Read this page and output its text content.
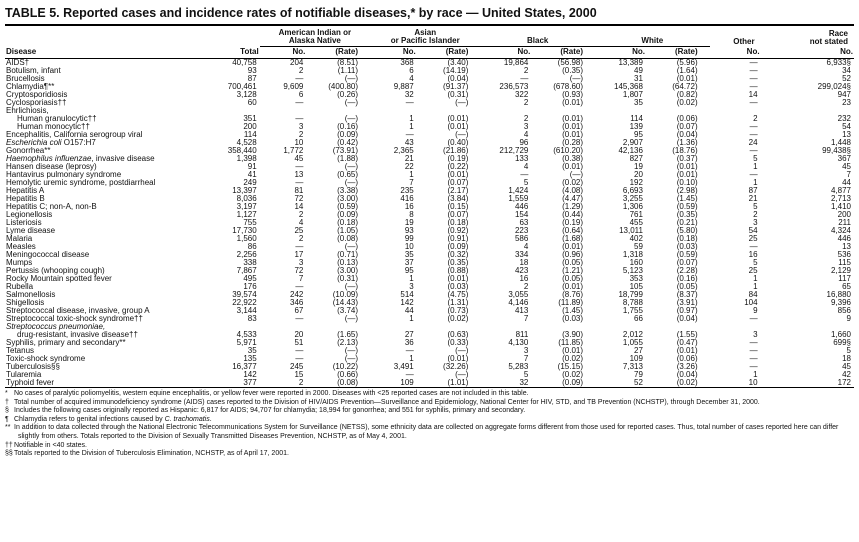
TABLE 5. Reported cases and incidence rates of notifiable diseases,* by race — United States, 2000

		American Indian or
Alaska Native		Asian
or Pacific Islander		Black		White		Other	Race
not stated

Disease	Total	No.	(Rate)	No.	(Rate)	No.	(Rate)	No.	(Rate)	No.	No.
AIDS†	40,758	204	(8.51)	368	(3.40)	19,864	(56.98)	13,389	(5.96)	—	6,933§
Botulism, infant	93	2	(1.11)	6	(14.19)	2	(0.35)	49	(1.64)	—	34
Brucellosis	87	—	(—)	4	(0.04)	—	(—)	31	(0.01)	—	52
Chlamydia¶**	700,461	9,609	(400.80)	9,887	(91.37)	236,573	(678.60)	145,368	(64.72)	—	299,024§
Cryptosporidiosis	3,128	6	(0.26)	32	(0.31)	322	(0.93)	1,807	(0.82)	14	947
Cyclosporiasis††	60	—	(—)	—	(—)	2	(0.01)	35	(0.02)	—	23
Ehrlichiosis,											
Human granulocytic††	351	—	(—)	1	(0.01)	2	(0.01)	114	(0.06)	2	232
Human monocytic††	200	3	(0.16)	1	(0.01)	3	(0.01)	139	(0.07)	—	54
Encephalitis, California serogroup viral	114	2	(0.09)	—	(—)	4	(0.01)	95	(0.04)	—	13
Escherichia coli O157:H7	4,528	10	(0.42)	43	(0.40)	96	(0.28)	2,907	(1.36)	24	1,448
Gonorrhea**	358,440	1,772	(73.91)	2,365	(21.86)	212,729	(610.20)	42,136	(18.76)	—	99,438§
Haemophilus influenzae, invasive disease	1,398	45	(1.88)	21	(0.19)	133	(0.38)	827	(0.37)	5	367
Hansen disease (leprosy)	91	—	(—)	22	(0.22)	4	(0.01)	19	(0.01)	1	45
Hantavirus pulmonary syndrome	41	13	(0.65)	1	(0.01)	—	(—)	20	(0.01)	—	7
Hemolytic uremic syndrome, postdiarrheal	249	—	(—)	7	(0.07)	5	(0.02)	192	(0.10)	1	44
Hepatitis A	13,397	81	(3.38)	235	(2.17)	1,424	(4.08)	6,693	(2.98)	87	4,877
Hepatitis B	8,036	72	(3.00)	416	(3.84)	1,559	(4.47)	3,255	(1.45)	21	2,713
Hepatitis C; non-A, non-B	3,197	14	(0.59)	16	(0.15)	446	(1.29)	1,306	(0.59)	5	1,410
Legionellosis	1,127	2	(0.09)	8	(0.07)	154	(0.44)	761	(0.35)	2	200
Listeriosis	755	4	(0.18)	19	(0.18)	63	(0.19)	455	(0.21)	3	211
Lyme disease	17,730	25	(1.05)	93	(0.92)	223	(0.64)	13,011	(5.80)	54	4,324
Malaria	1,560	2	(0.08)	99	(0.91)	586	(1.68)	402	(0.18)	25	446
Measles	86	—	(—)	10	(0.09)	4	(0.01)	59	(0.03)	—	13
Meningococcal disease	2,256	17	(0.71)	35	(0.32)	334	(0.96)	1,318	(0.59)	16	536
Mumps	338	3	(0.13)	37	(0.35)	18	(0.05)	160	(0.07)	5	115
Pertussis (whooping cough)	7,867	72	(3.00)	95	(0.88)	423	(1.21)	5,123	(2.28)	25	2,129
Rocky Mountain spotted fever	495	7	(0.31)	1	(0.01)	16	(0.05)	353	(0.16)	1	117
Rubella	176	—	(—)	3	(0.03)	2	(0.01)	105	(0.05)	1	65
Salmonellosis	39,574	242	(10.09)	514	(4.75)	3,055	(8.76)	18,799	(8.37)	84	16,880
Shigellosis	22,922	346	(14.43)	142	(1.31)	4,146	(11.89)	8,788	(3.91)	104	9,396
Streptococcal disease, invasive, group A	3,144	67	(3.74)	44	(0.73)	413	(1.45)	1,755	(0.97)	9	856
Streptococcal toxic-shock syndrome††	83	—	(—)	1	(0.02)	7	(0.03)	66	(0.04)	—	9
Streptococcus pneumoniae,											
drug-resistant, invasive disease††	4,533	20	(1.65)	27	(0.63)	811	(3.90)	2,012	(1.55)	3	1,660
Syphilis, primary and secondary**	5,971	51	(2.13)	36	(0.33)	4,130	(11.85)	1,055	(0.47)	—	699§
Tetanus	35	—	(—)	—	(—)	3	(0.01)	27	(0.01)	—	5
Toxic-shock syndrome	135	—	(—)	1	(0.01)	7	(0.02)	109	(0.06)	—	18
Tuberculosis§§	16,377	245	(10.22)	3,491	(32.26)	5,283	(15.15)	7,313	(3.26)	—	45
Tularemia	142	15	(0.66)	—	(—)	5	(0.02)	79	(0.04)	1	42
Typhoid fever	377	2	(0.08)	109	(1.01)	32	(0.09)	52	(0.02)	10	172

* No cases of paralytic poliomyelitis, western equine encephalitis, or yellow fever were reported in 2000. Diseases with <25 reported cases are not included in this table.

† Total number of acquired immunodeficiency syndrome (AIDS) cases reported to the Division of HIV/AIDS Prevention—Surveillance and Epidemiology, National Center for HIV, STD, and TB Prevention (NCHSTP), through December 31, 2000.

§ Includes the following cases originally reported as Hispanic: 6,817 for AIDS; 94,707 for chlamydia; 18,994 for gonorrhea; and 551 for syphilis, primary and secondary.

¶ Chlamydia refers to genital infections caused by C. trachomatis.

** In addition to data collected through the National Electronic Telecommunications System for Surveillance (NETSS), some ethnicity data are collected on aggregate forms different from those used for reported cases. Thus, total number of cases reported here can differ slightly from others. Totals reported to the Division of Sexually Transmitted Diseases Prevention, NCHSTP, as of May 4, 2001.

††Notifiable in <40 states.

§§Totals reported to the Division of Tuberculosis Elimination, NCHSTP, as of April 17, 2001.
